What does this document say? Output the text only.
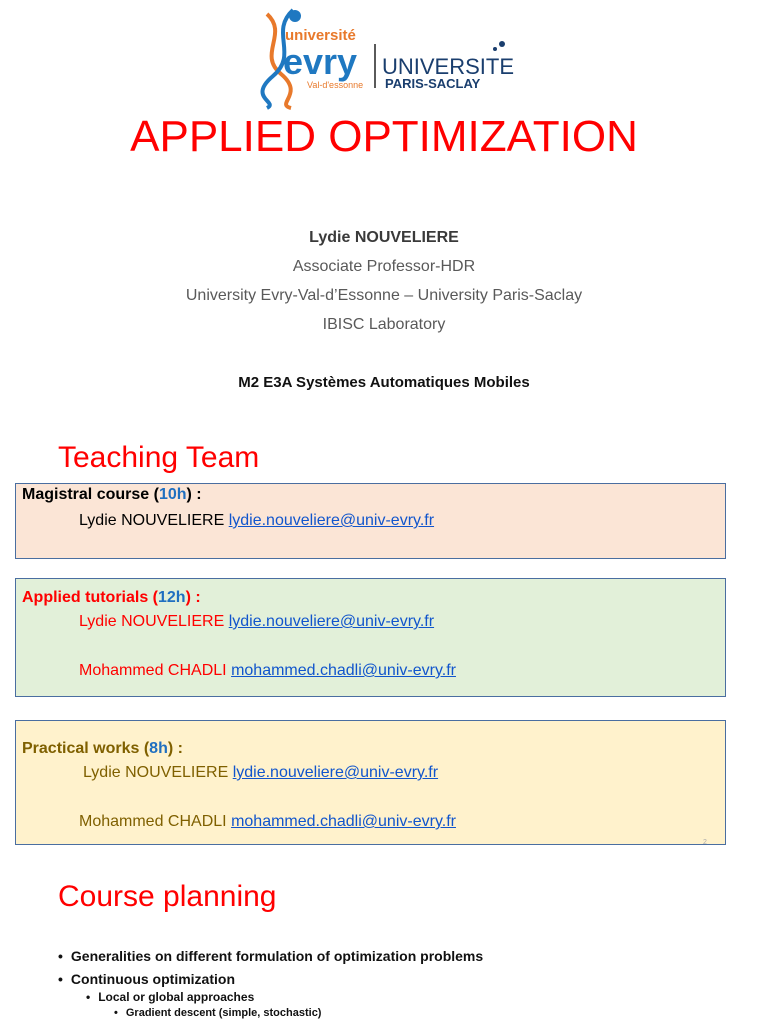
université
evry
Val-d'essonne
UNIVERSITE
PARIS-SACLAY
APPLIED OPTIMIZATION
Lydie NOUVELIERE
Associate Professor-HDR
University Evry-Val-d’Essonne – University Paris-Saclay
IBISC Laboratory
M2 E3A Systèmes Automatiques Mobiles
Teaching Team
Magistral course (10h) :
Lydie NOUVELIERE lydie.nouveliere@univ-evry.fr
Applied tutorials (12h) :
Lydie NOUVELIERE lydie.nouveliere@univ-evry.fr
Mohammed CHADLI mohammed.chadli@univ-evry.fr
Practical works (8h) :
Lydie NOUVELIERE lydie.nouveliere@univ-evry.fr
Mohammed CHADLI mohammed.chadli@univ-evry.fr
2
Course planning
• Generalities on different formulation of optimization problems
• Continuous optimization
• Local or global approaches
• Gradient descent (simple, stochastic)
